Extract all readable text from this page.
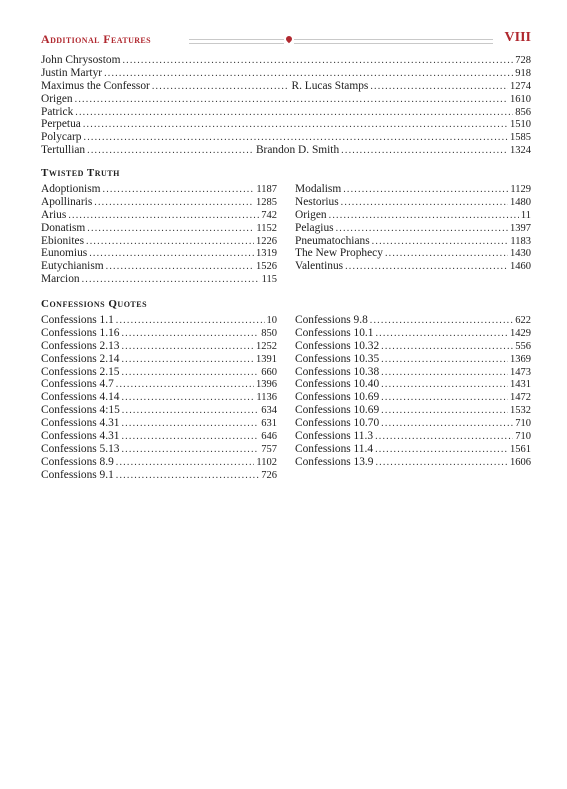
Additional Features	VIII
John Chrysostom .....	728
Justin Martyr .....	918
Maximus the Confessor .....	R. Lucas Stamps .....	1274
Origen .....	1610
Patrick .....	856
Perpetua .....	1510
Polycarp .....	1585
Tertullian .....	Brandon D. Smith .....	1324
Twisted Truth
Adoptionism .....	1187
Apollinaris .....	1285
Arius .....	742
Donatism .....	1152
Ebionites .....	1226
Eunomius .....	1319
Eutychianism .....	1526
Marcion .....	115
Modalism .....	1129
Nestorius .....	1480
Origen .....	11
Pelagius .....	1397
Pneumatochians .....	1183
The New Prophecy .....	1430
Valentinus .....	1460
Confessions Quotes
Confessions 1.1 .....	10
Confessions 1.16 .....	850
Confessions 2.13 .....	1252
Confessions 2.14 .....	1391
Confessions 2.15 .....	660
Confessions 4.7 .....	1396
Confessions 4.14 .....	1136
Confessions 4:15 .....	634
Confessions 4.31 .....	631
Confessions 4.31 .....	646
Confessions 5.13 .....	757
Confessions 8.9 .....	1102
Confessions 9.1 .....	726
Confessions 9.8 .....	622
Confessions 10.1 .....	1429
Confessions 10.32 .....	556
Confessions 10.35 .....	1369
Confessions 10.38 .....	1473
Confessions 10.40 .....	1431
Confessions 10.69 .....	1472
Confessions 10.69 .....	1532
Confessions 10.70 .....	710
Confessions 11.3 .....	710
Confessions 11.4 .....	1561
Confessions 13.9 .....	1606
